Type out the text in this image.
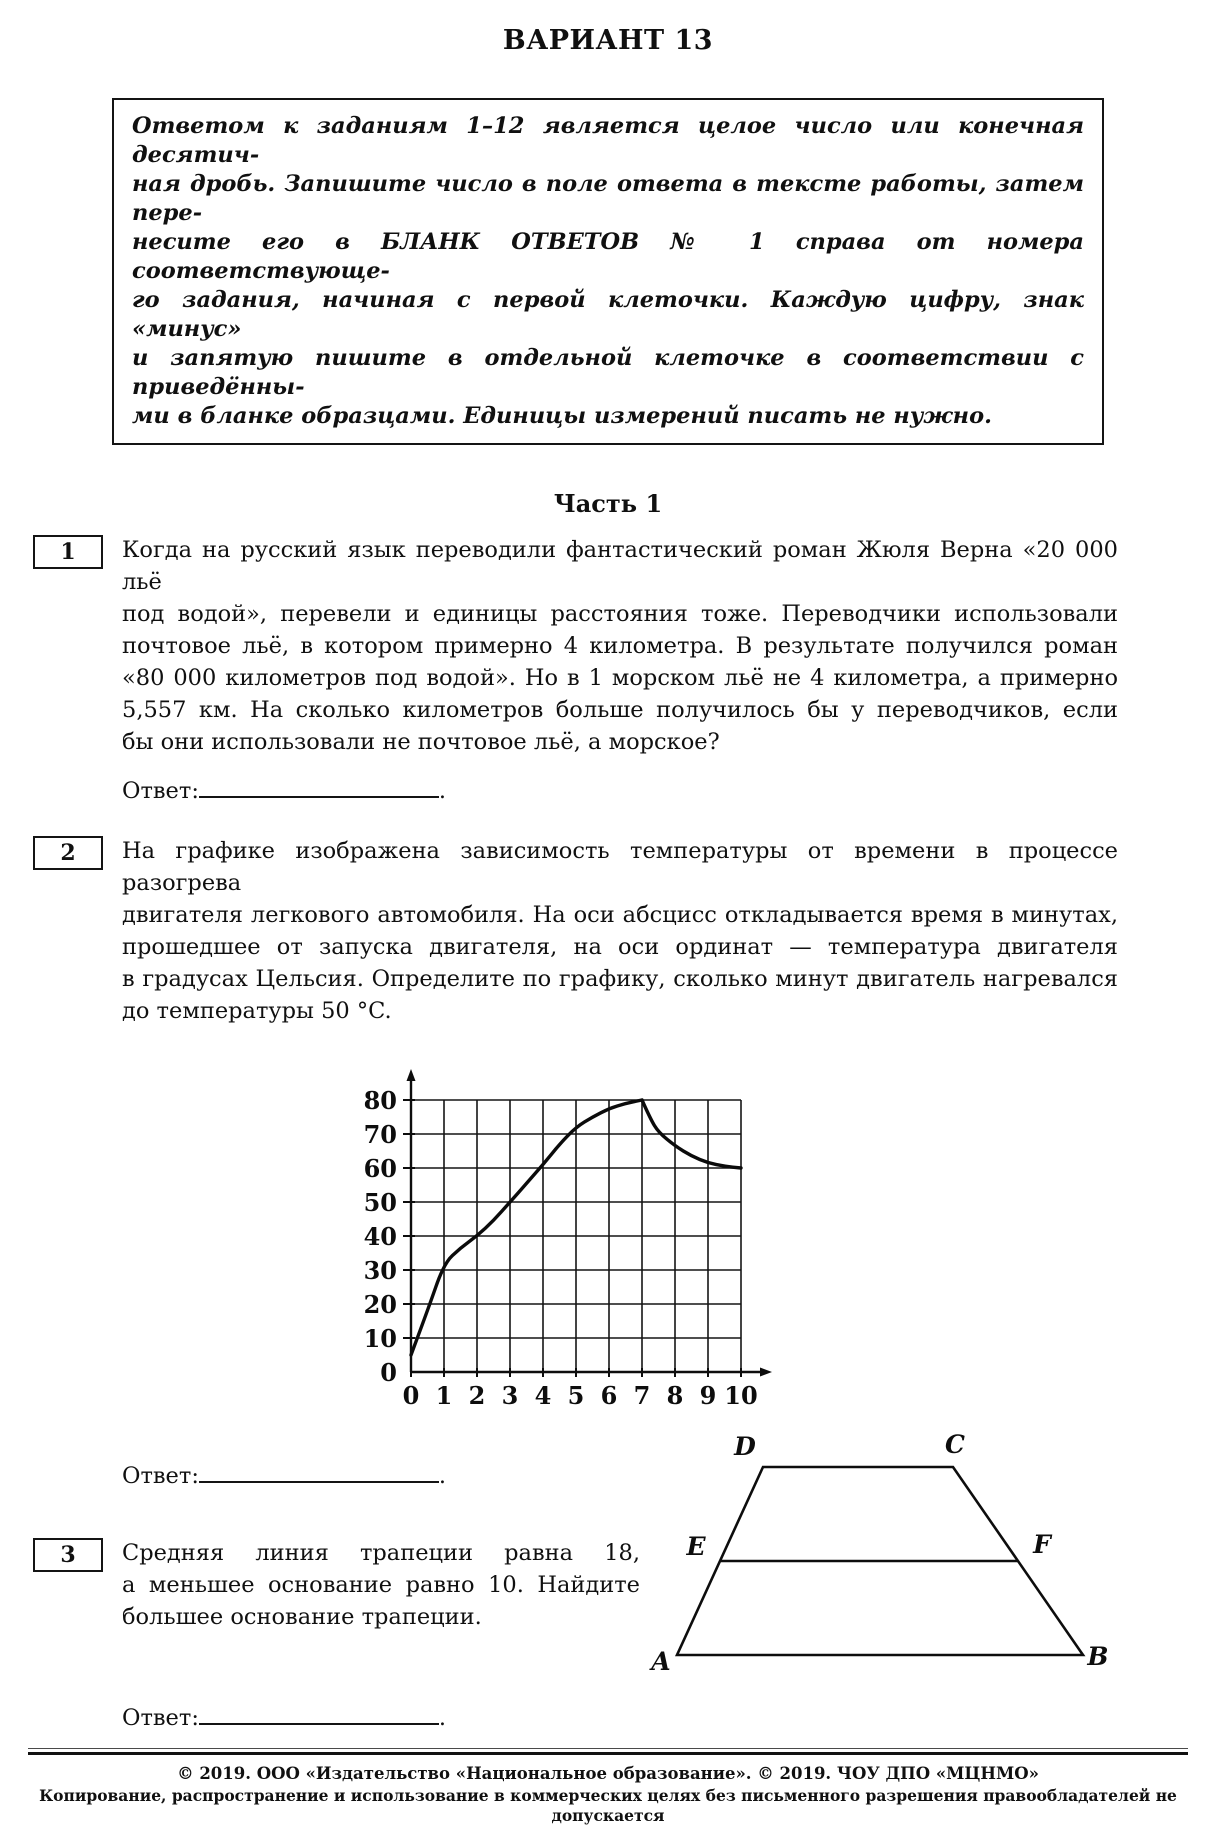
ВАРИАНТ 13
Ответом к заданиям 1–12 является целое число или конечная десятич-
ная дробь. Запишите число в поле ответа в тексте работы, затем пере-
несите его в БЛАНК ОТВЕТОВ № 1 справа от номера соответствующе-
го задания, начиная с первой клеточки. Каждую цифру, знак «минус»
и запятую пишите в отдельной клеточке в соответствии с приведённы-
ми в бланке образцами. Единицы измерений писать не нужно.
Часть 1
1	Когда на русский язык переводили фантастический роман Жюля Верна «20 000 льё
под водой», перевели и единицы расстояния тоже. Переводчики использовали
почтовое льё, в котором примерно 4 километра. В результате получился роман
«80 000 километров под водой». Но в 1 морском льё не 4 километра, а примерно
5,557 км. На сколько километров больше получилось бы у переводчиков, если
бы они использовали не почтовое льё, а морское?
Ответ:	.
2	На графике изображена зависимость температуры от времени в процессе разогрева
двигателя легкового автомобиля. На оси абсцисс откладывается время в минутах,
прошедшее от запуска двигателя, на оси ординат — температура двигателя
в градусах Цельсия. Определите по графику, сколько минут двигатель нагревался
до температуры 50 °C.
0 1 2 3 4 5 6 7 8 9 10
0
10
20
30
40
50
60
70
80
Ответ:	.
3	Средняя линия трапеции равна 18,
а меньшее основание равно 10. Найдите
большее основание трапеции.
D	C
E	F
A	B
Ответ:	.
© 2019. ООО «Издательство «Национальное образование». © 2019. ЧОУ ДПО «МЦНМО»
Копирование, распространение и использование в коммерческих целях без письменного разрешения правообладателей не допускается
